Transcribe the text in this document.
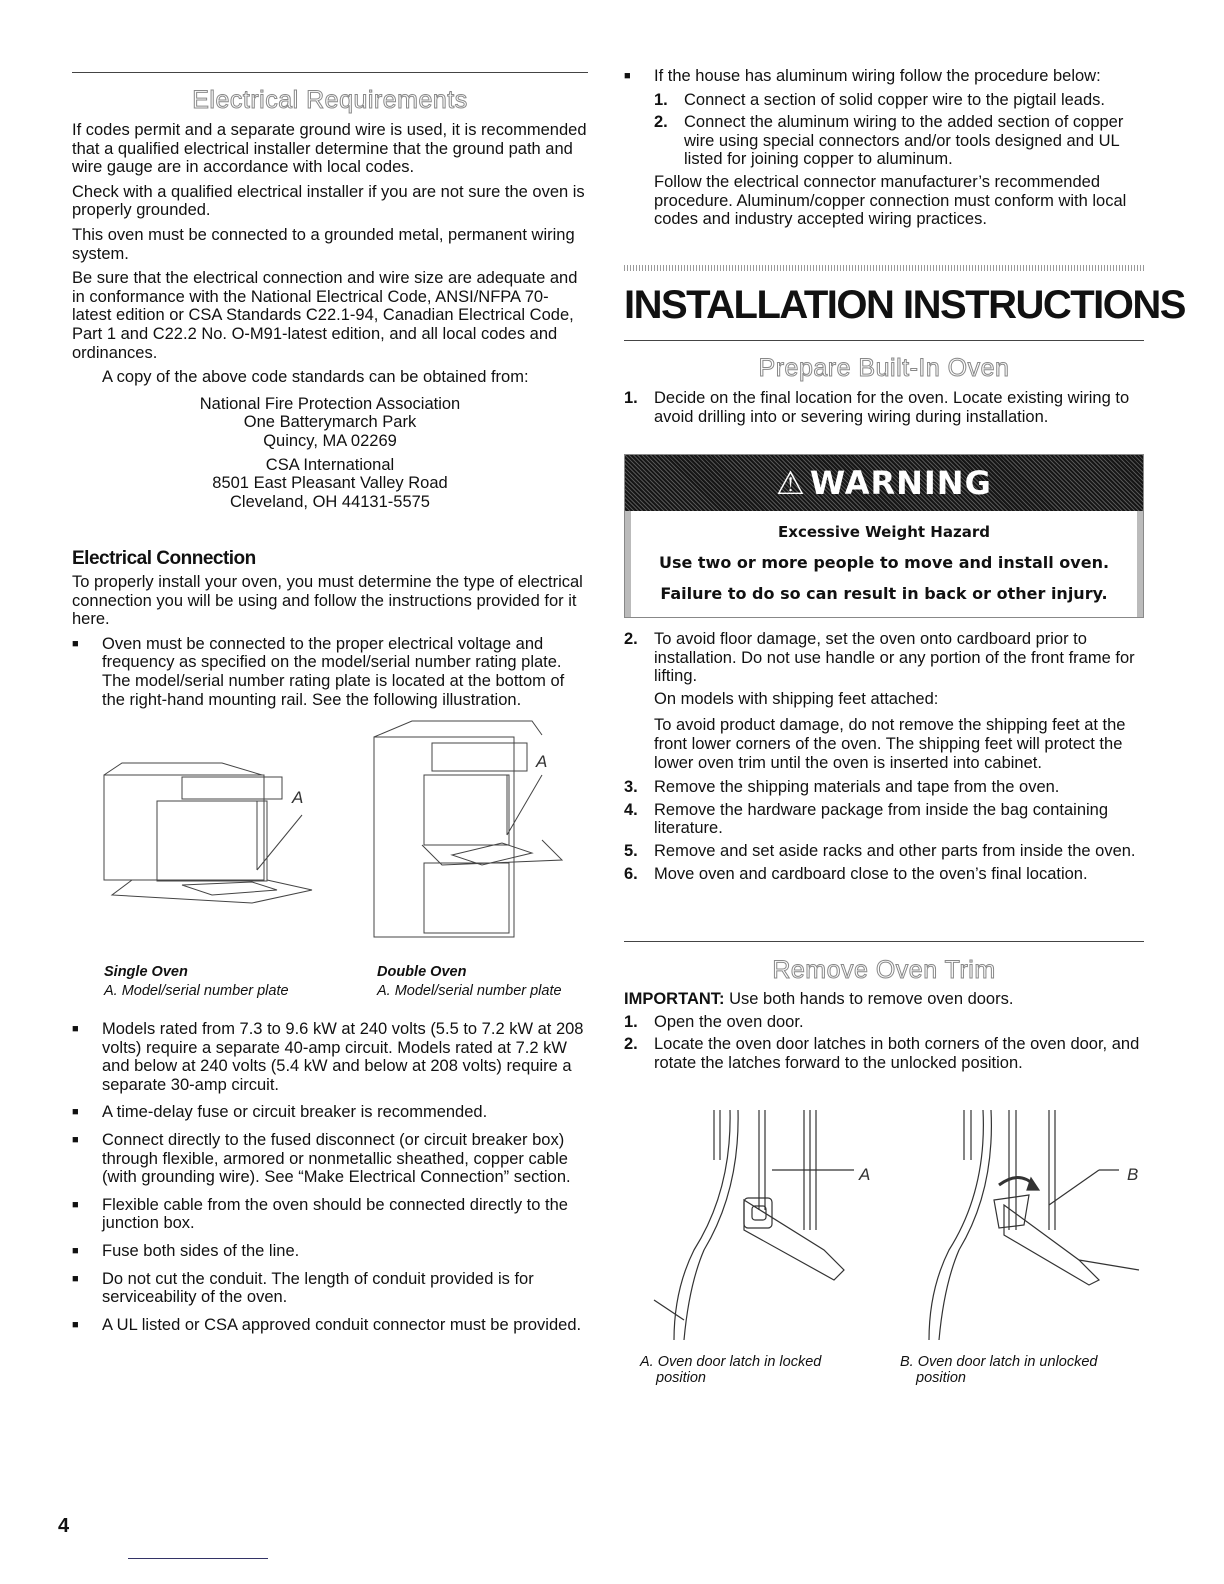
Electrical Requirements

If codes permit and a separate ground wire is used, it is recommended that a qualified electrical installer determine that the ground path and wire gauge are in accordance with local codes.

Check with a qualified electrical installer if you are not sure the oven is properly grounded.

This oven must be connected to a grounded metal, permanent wiring system.

Be sure that the electrical connection and wire size are adequate and in conformance with the National Electrical Code, ANSI/NFPA 70-latest edition or CSA Standards C22.1-94, Canadian Electrical Code, Part 1 and C22.2 No. O-M91-latest edition, and all local codes and ordinances.

A copy of the above code standards can be obtained from:

National Fire Protection Association

One Batterymarch Park

Quincy, MA 02269

CSA International

8501 East Pleasant Valley Road

Cleveland, OH 44131-5575

Electrical Connection

To properly install your oven, you must determine the type of electrical connection you will be using and follow the instructions provided for it here.

■	Oven must be connected to the proper electrical voltage and frequency as specified on the model/serial number rating plate. The model/serial number rating plate is located at the bottom of the right-hand mounting rail. See the following illustration.
A
A
Single Oven
A. Model/serial number plate
Double Oven
A. Model/serial number plate
■	Models rated from 7.3 to 9.6 kW at 240 volts (5.5 to 7.2 kW at 208 volts) require a separate 40-amp circuit. Models rated at 7.2 kW and below at 240 volts (5.4 kW and below at 208 volts) require a separate 30-amp circuit.
■	A time-delay fuse or circuit breaker is recommended.
■	Connect directly to the fused disconnect (or circuit breaker box) through flexible, armored or nonmetallic sheathed, copper cable (with grounding wire). See “Make Electrical Connection” section.
■	Flexible cable from the oven should be connected directly to the junction box.
■	Fuse both sides of the line.
■	Do not cut the conduit. The length of conduit provided is for serviceability of the oven.
■	A UL listed or CSA approved conduit connector must be provided.
4
■	If the house has aluminum wiring follow the procedure below:
1. Connect a section of solid copper wire to the pigtail leads.
2. Connect the aluminum wiring to the added section of copper wire using special connectors and/or tools designed and UL listed for joining copper to aluminum.

Follow the electrical connector manufacturer’s recommended procedure. Aluminum/copper connection must conform with local codes and industry accepted wiring practices.

INSTALLATION INSTRUCTIONS
Prepare Built-In Oven
1. Decide on the final location for the oven. Locate existing wiring to avoid drilling into or severing wiring during installation.
⚠ WARNING

Excessive Weight Hazard

Use two or more people to move and install oven.

Failure to do so can result in back or other injury.

2. To avoid floor damage, set the oven onto cardboard prior to installation. Do not use handle or any portion of the front frame for lifting.

On models with shipping feet attached:

To avoid product damage, do not remove the shipping feet at the front lower corners of the oven. The shipping feet will protect the lower oven trim until the oven is inserted into cabinet.

3. Remove the shipping materials and tape from the oven.
4. Remove the hardware package from inside the bag containing literature.
5. Remove and set aside racks and other parts from inside the oven.
6. Move oven and cardboard close to the oven’s final location.
Remove Oven Trim

IMPORTANT: Use both hands to remove oven doors.

1. Open the oven door.
2. Locate the oven door latches in both corners of the oven door, and rotate the latches forward to the unlocked position.
A	B
A. Oven door latch in locked
position
B. Oven door latch in unlocked
position
